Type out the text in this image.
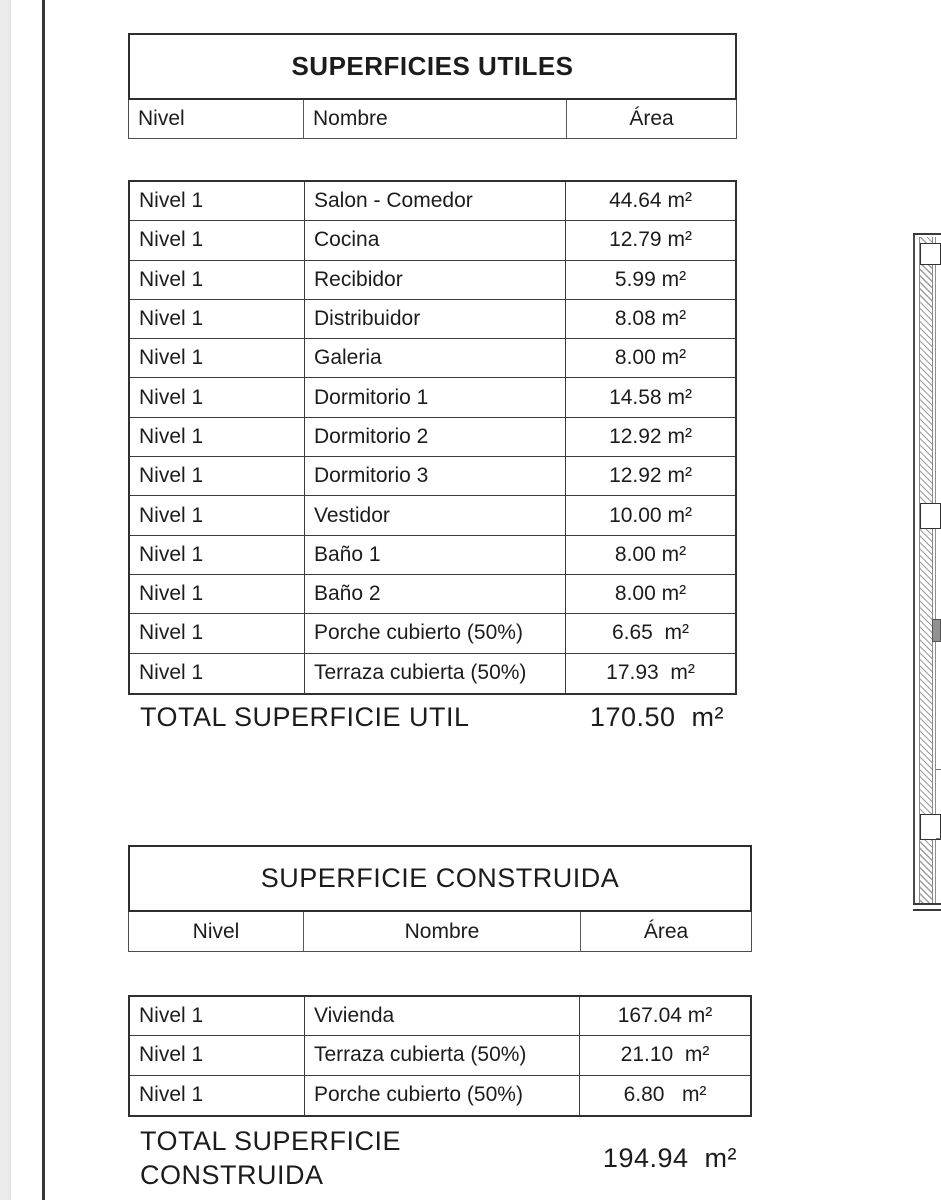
SUPERFICIES UTILES
Nivel	Nombre	Área
Nivel 1	Salon - Comedor	44.64 m²
Nivel 1	Cocina	12.79 m²
Nivel 1	Recibidor	5.99 m²
Nivel 1	Distribuidor	8.08 m²
Nivel 1	Galeria	8.00 m²
Nivel 1	Dormitorio 1	14.58 m²
Nivel 1	Dormitorio 2	12.92 m²
Nivel 1	Dormitorio 3	12.92 m²
Nivel 1	Vestidor	10.00 m²
Nivel 1	Baño 1	8.00 m²
Nivel 1	Baño 2	8.00 m²
Nivel 1	Porche cubierto (50%)	6.65  m²
Nivel 1	Terraza cubierta (50%)	17.93  m²
TOTAL SUPERFICIE UTIL	170.50  m²
SUPERFICIE CONSTRUIDA
Nivel	Nombre	Área
Nivel 1	Vivienda	167.04 m²
Nivel 1	Terraza cubierta (50%)	21.10  m²
Nivel 1	Porche cubierto (50%)	6.80   m²
TOTAL SUPERFICIE CONSTRUIDA
194.94  m²
